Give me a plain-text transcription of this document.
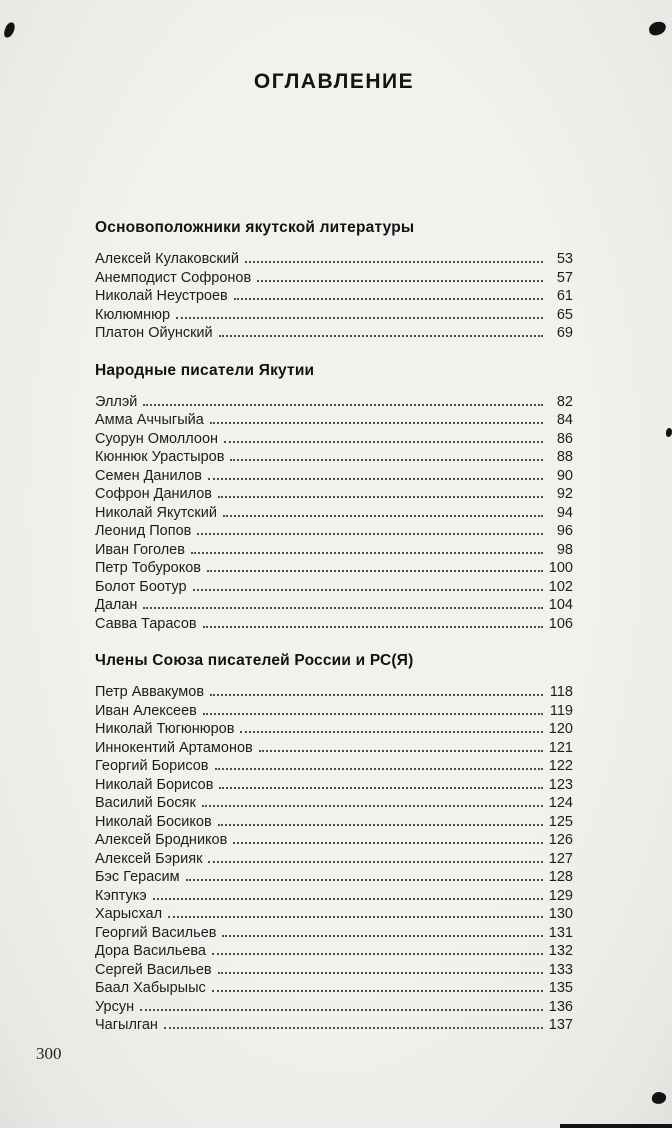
ОГЛАВЛЕНИЕ
Основоположники якутской литературы
Алексей Кулаковский	53
Анемподист Софронов	57
Николай Неустроев	61
Кюлюмнюр	65
Платон Ойунский	69
Народные писатели Якутии
Эллэй	82
Амма Аччыгыйа	84
Суорун Омоллоон	86
Кюннюк Урастыров	88
Семен Данилов	90
Софрон Данилов	92
Николай Якутский	94
Леонид Попов	96
Иван Гоголев	98
Петр Тобуроков	100
Болот Боотур	102
Далан	104
Савва Тарасов	106
Члены Союза писателей России и РС(Я)
Петр Аввакумов	118
Иван Алексеев	119
Николай Тюгюнюров	120
Иннокентий Артамонов	121
Георгий Борисов	122
Николай Борисов	123
Василий Босяк	124
Николай Босиков	125
Алексей Бродников	126
Алексей Бэрияк	127
Бэс Герасим	128
Кэптукэ	129
Харысхал	130
Георгий Васильев	131
Дора Васильева	132
Сергей Васильев	133
Баал Хабырыыс	135
Урсун	136
Чагылган	137
300
